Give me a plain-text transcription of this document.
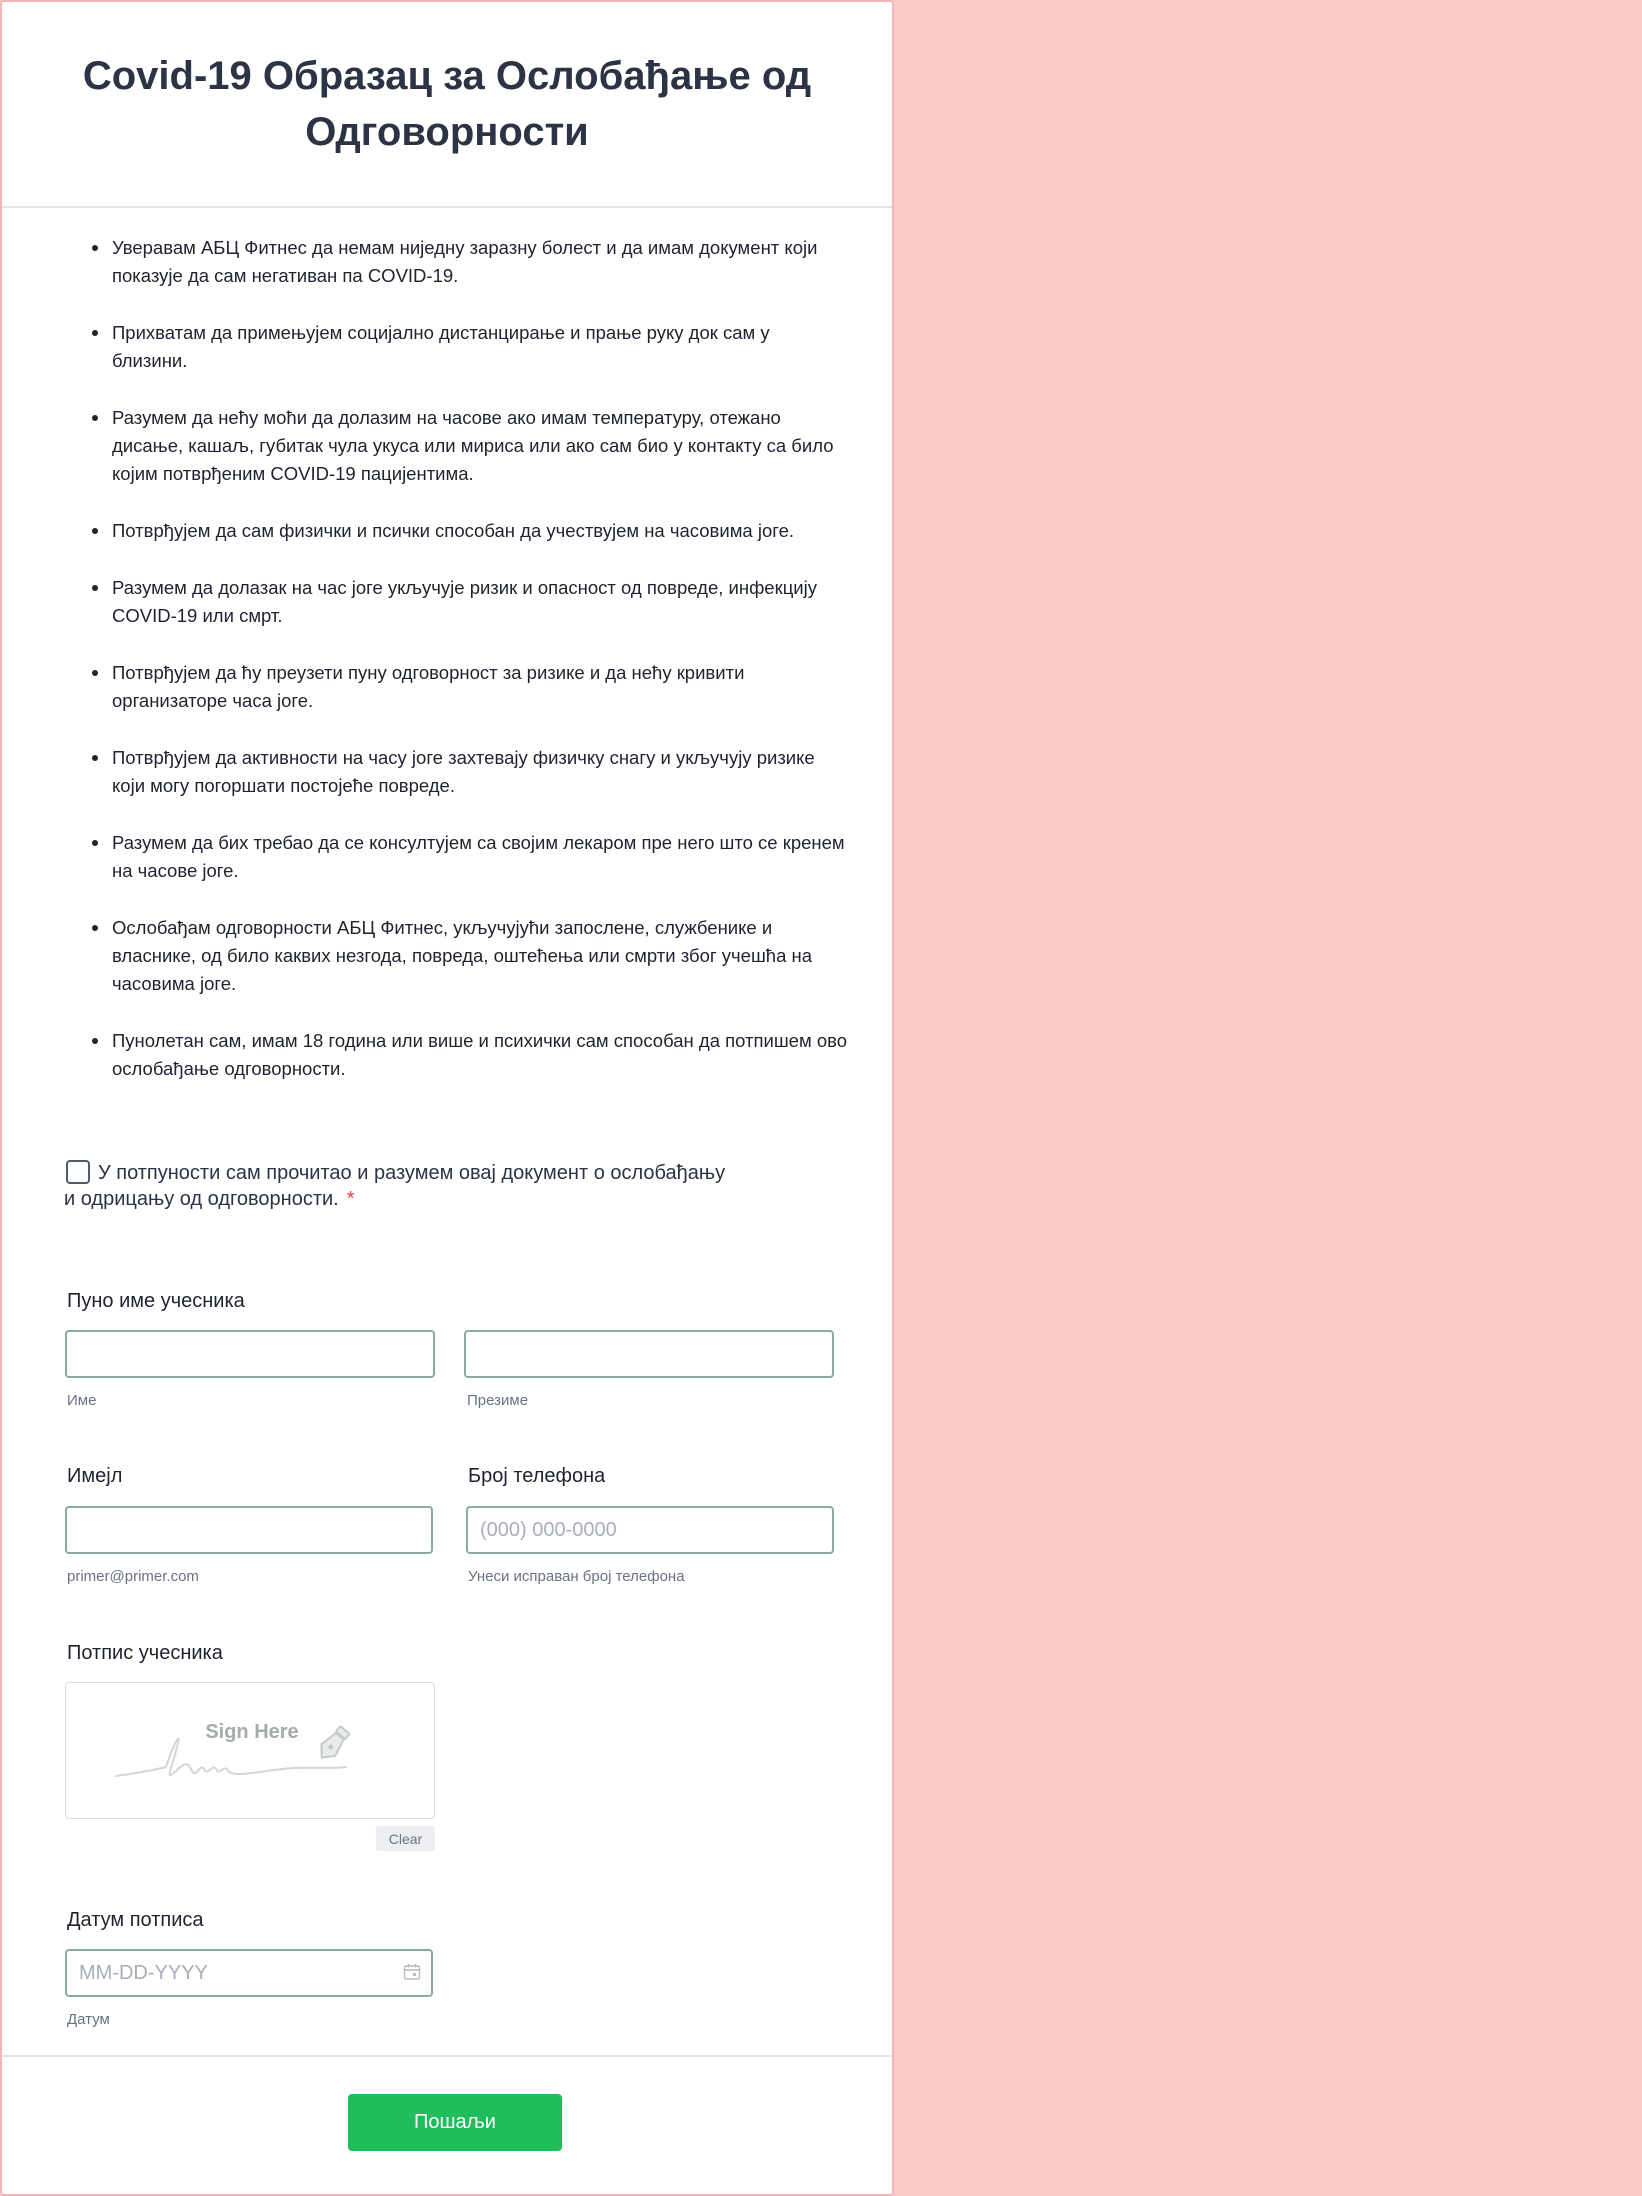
Covid-19 Образац за Ослобађање од Одговорности
Уверавам АБЦ Фитнес да немам ниједну заразну болест и да имам документ који показује да сам негативан па COVID-19.
Прихватам да примењујем социјално дистанцирање и прање руку док сам у близини.
Разумем да нећу моћи да долазим на часове ако имам температуру, отежано дисање, кашаљ, губитак чула укуса или мириса или ако сам био у контакту са било којим потврђеним COVID-19 пацијентима.
Потврђујем да сам физички и псички способан да учествујем на часовима јоге.
Разумем да долазак на час јоге укључује ризик и опасност од повреде, инфекцију COVID-19 или смрт.
Потврђујем да ћу преузети пуну одговорност за ризике и да нећу кривити организаторе часа јоге.
Потврђујем да активности на часу јоге захтевају физичку снагу и укључују ризике који могу погоршати постојеће повреде.
Разумем да бих требао да се консултујем са својим лекаром пре него што се кренем на часове јоге.
Ослобађам одговорности АБЦ Фитнес, укључујући запослене, службенике и власнике, од било каквих незгода, повреда, оштећења или смрти због учешћа на часовима јоге.
Пунолетан сам, имам 18 година или више и психички сам способан да потпишем ово ослобађање одговорности.
У потпуности сам прочитао и разумем овај документ о ослобађању
и одрицању од одговорности. *
Пуно име учесника
Име	Презиме
Имејл
primer@primer.com
Број телефона
(000) 000-0000
Унеси исправан број телефона
Потпис учесника
Sign Here
Clear
Датум потписа
MM-DD-YYYY
Датум
Пошаљи
